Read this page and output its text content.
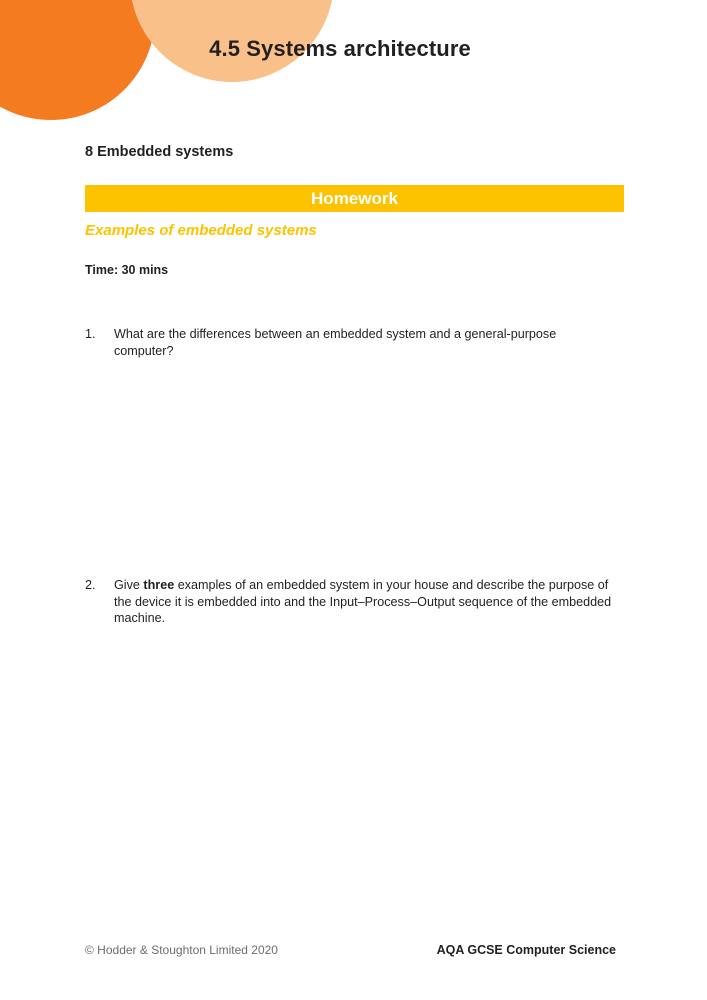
4.5 Systems architecture
8 Embedded systems
Homework
Examples of embedded systems
Time: 30 mins
1.	What are the differences between an embedded system and a general-purpose computer?
2.	Give three examples of an embedded system in your house and describe the purpose of the device it is embedded into and the Input–Process–Output sequence of the embedded machine.
© Hodder & Stoughton Limited 2020	AQA GCSE Computer Science
